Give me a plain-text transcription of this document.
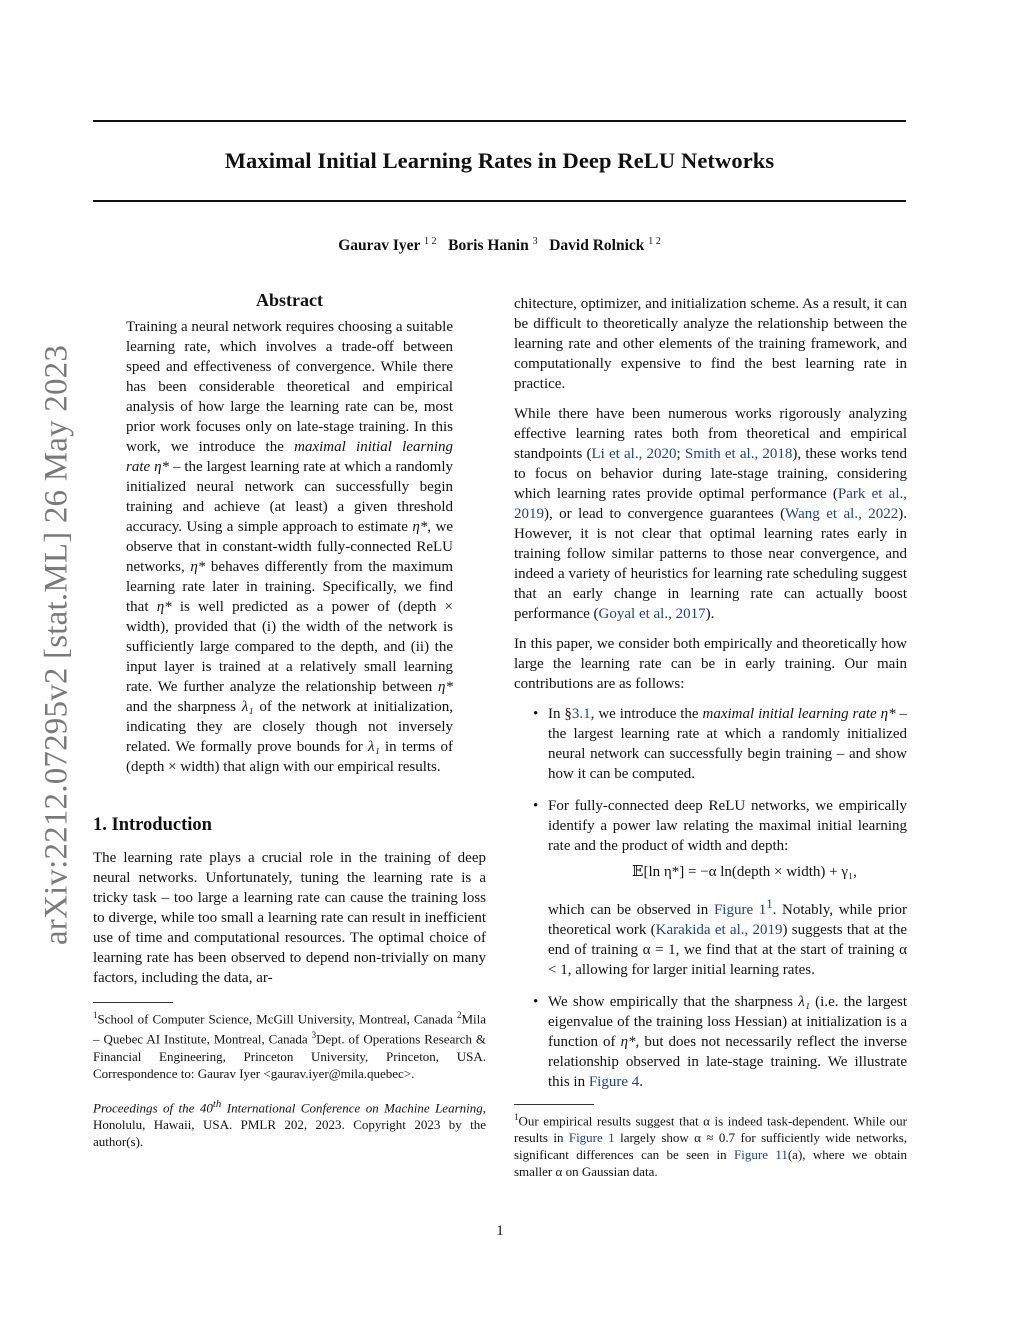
arXiv:2212.07295v2 [stat.ML] 26 May 2023
Maximal Initial Learning Rates in Deep ReLU Networks
Gaurav Iyer $^{1 2}$ Boris Hanin $^3$ David Rolnick $^{1 2}$
Abstract
Training a neural network requires choosing a suitable learning rate, which involves a trade-off between speed and effectiveness of convergence. While there has been considerable theoretical and empirical analysis of how large the learning rate can be, most prior work focuses only on late-stage training. In this work, we introduce the maximal initial learning rate η* – the largest learning rate at which a randomly initialized neural network can successfully begin training and achieve (at least) a given threshold accuracy. Using a simple approach to estimate η*, we observe that in constant-width fully-connected ReLU networks, η* behaves differently from the maximum learning rate later in training. Specifically, we find that η* is well predicted as a power of (depth × width), provided that (i) the width of the network is sufficiently large compared to the depth, and (ii) the input layer is trained at a relatively small learning rate. We further analyze the relationship between η* and the sharpness λ₁ of the network at initialization, indicating they are closely though not inversely related. We formally prove bounds for λ₁ in terms of (depth × width) that align with our empirical results.
1. Introduction

The learning rate plays a crucial role in the training of deep neural networks. Unfortunately, tuning the learning rate is a tricky task – too large a learning rate can cause the training loss to diverge, while too small a learning rate can result in inefficient use of time and computational resources. The optimal choice of learning rate has been observed to depend non-trivially on many factors, including the data, ar-

$^1$School of Computer Science, McGill University, Montreal, Canada $^2$Mila – Quebec AI Institute, Montreal, Canada $^3$Dept. of Operations Research & Financial Engineering, Princeton University, Princeton, USA. Correspondence to: Gaurav Iyer <gaurav.iyer@mila.quebec>.

Proceedings of the 40th International Conference on Machine Learning, Honolulu, Hawaii, USA. PMLR 202, 2023. Copyright 2023 by the author(s).

chitecture, optimizer, and initialization scheme. As a result, it can be difficult to theoretically analyze the relationship between the learning rate and other elements of the training framework, and computationally expensive to find the best learning rate in practice.

While there have been numerous works rigorously analyzing effective learning rates both from theoretical and empirical standpoints (Li et al., 2020; Smith et al., 2018), these works tend to focus on behavior during late-stage training, considering which learning rates provide optimal performance (Park et al., 2019), or lead to convergence guarantees (Wang et al., 2022). However, it is not clear that optimal learning rates early in training follow similar patterns to those near convergence, and indeed a variety of heuristics for learning rate scheduling suggest that an early change in learning rate can actually boost performance (Goyal et al., 2017).

In this paper, we consider both empirically and theoretically how large the learning rate can be in early training. Our main contributions are as follows:

• In §3.1, we introduce the maximal initial learning rate η* – the largest learning rate at which a randomly initialized neural network can successfully begin training – and show how it can be computed.
• For fully-connected deep ReLU networks, we empirically identify a power law relating the maximal initial learning rate and the product of width and depth:
𝔼[ln η*] = −α ln(depth × width) + γ₁,
which can be observed in Figure $1^1$. Notably, while prior theoretical work (Karakida et al., 2019) suggests that at the end of training α = 1, we find that at the start of training α < 1, allowing for larger initial learning rates.
• We show empirically that the sharpness λ₁ (i.e. the largest eigenvalue of the training loss Hessian) at initialization is a function of η*, but does not necessarily reflect the inverse relationship observed in late-stage training. We illustrate this in Figure 4.

$^1$Our empirical results suggest that α is indeed task-dependent. While our results in Figure 1 largely show α ≈ 0.7 for sufficiently wide networks, significant differences can be seen in Figure 11(a), where we obtain smaller α on Gaussian data.

1
